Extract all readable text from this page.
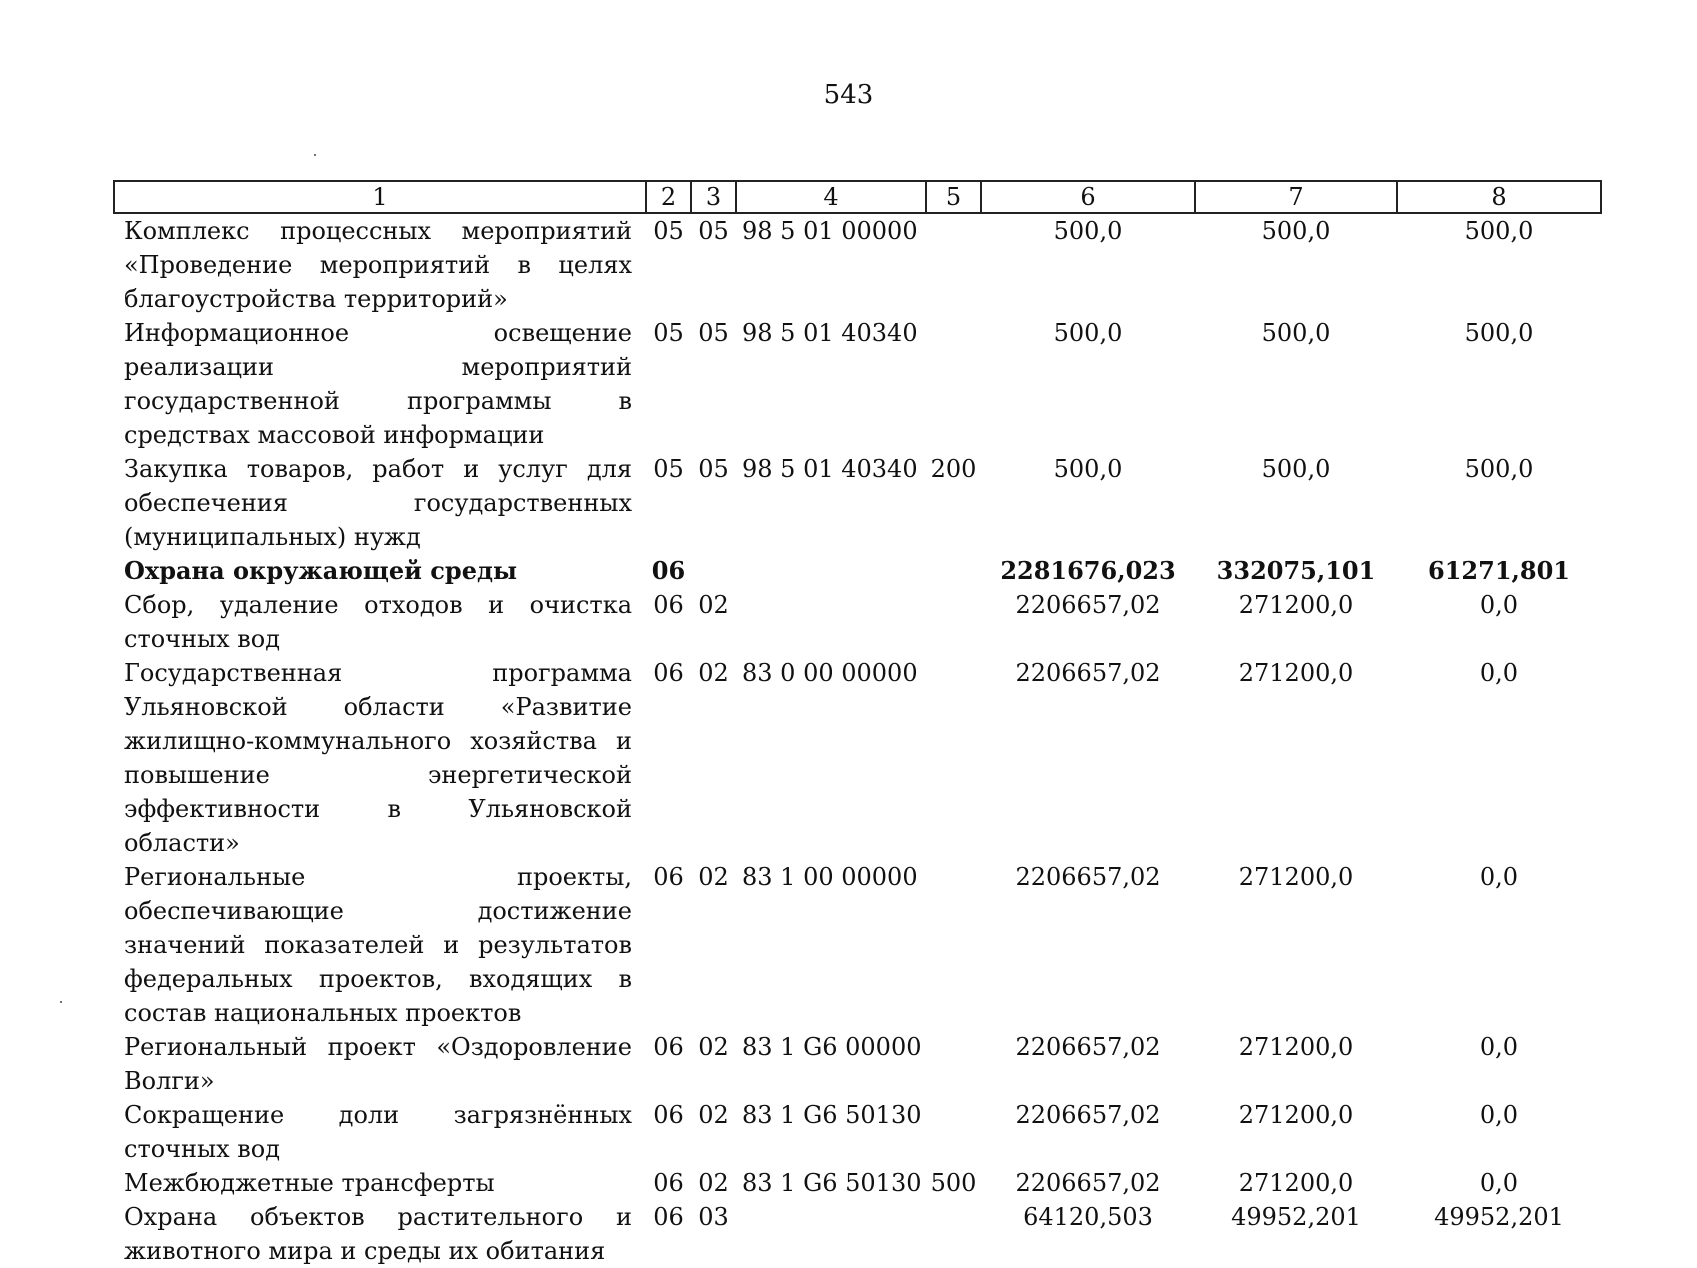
543
1	2	3	4	5	6	7	8
Комплекс процессных мероприятий «Проведение мероприятий в целях благоустройства территорий»	05	05	98 5 01 00000		500,0	500,0	500,0
Информационное освещение реализации мероприятий государственной программы в средствах массовой информации	05	05	98 5 01 40340		500,0	500,0	500,0
Закупка товаров, работ и услуг для обеспечения государственных (муниципальных) нужд	05	05	98 5 01 40340	200	500,0	500,0	500,0
Охрана окружающей среды	06				2281676,023	332075,101	61271,801
Сбор, удаление отходов и очистка сточных вод	06	02			2206657,02	271200,0	0,0
Государственная программа Ульяновской области «Развитие жилищно-коммунального хозяйства и повышение энергетической эффективности в Ульяновской области»	06	02	83 0 00 00000		2206657,02	271200,0	0,0
Региональные проекты, обеспечивающие достижение значений показателей и результатов федеральных проектов, входящих в состав национальных проектов	06	02	83 1 00 00000		2206657,02	271200,0	0,0
Региональный проект «Оздоровление Волги»	06	02	83 1 G6 00000		2206657,02	271200,0	0,0
Сокращение доли загрязнённых сточных вод	06	02	83 1 G6 50130		2206657,02	271200,0	0,0
Межбюджетные трансферты	06	02	83 1 G6 50130	500	2206657,02	271200,0	0,0
Охрана объектов растительного и животного мира и среды их обитания	06	03			64120,503	49952,201	49952,201
